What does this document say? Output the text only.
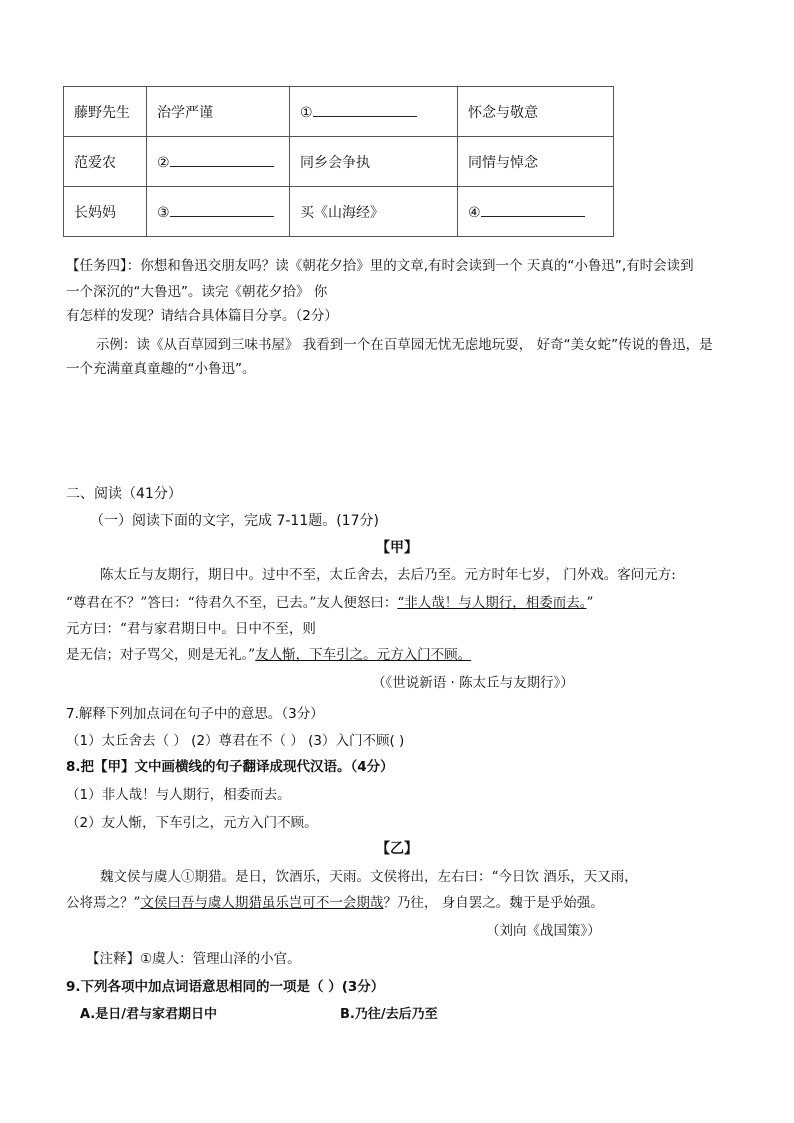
藤野先生	治学严谨	①	怀念与敬意
范爱农	②	同乡会争执	同情与悼念
长妈妈	③	买《山海经》	④
【任务四】：你想和鲁迅交朋友吗？读《朝花夕拾》里的文章,有时会读到一个 天真的“小鲁迅”,有时会读到
一个深沉的“大鲁迅”。读完《朝花夕拾》 你
有怎样的发现？请结合具体篇目分享。（2分）
示例：读《从百草园到三味书屋》 我看到一个在百草园无忧无虑地玩耍， 好奇“美女蛇”传说的鲁迅，是
一个充满童真童趣的“小鲁迅”。
二、阅读（41分）
（一）阅读下面的文字，完成 7-11题。(17分)
【甲】
陈太丘与友期行，期日中。过中不至，太丘舍去，去后乃至。元方时年七岁， 门外戏。客问元方:
“尊君在不？”答曰：“待君久不至，已去。”友人便怒曰：“非人哉！与人期行，相委而去。”
元方曰：“君与家君期日中。日中不至，则
是无信；对子骂父，则是无礼。”友人惭，下车引之。元方入门不顾。
（《世说新语 · 陈太丘与友期行》）
7.解释下列加点词在句子中的意思。（3分）
（1）太丘舍去（ ） (2）尊君在不（ ） (3）入门不顾( )
8.把【甲】文中画横线的句子翻译成现代汉语。（4分）
（1）非人哉！与人期行，相委而去。
（2）友人惭，下车引之，元方入门不顾。
【乙】
魏文侯与虞人①期猎。是日，饮酒乐，天雨。文侯将出，左右曰：“今日饮 酒乐，天又雨，
公将焉之？”文侯曰吾与虞人期猎虽乐岂可不一会期哉？乃往， 身自罢之。魏于是乎始强。
（刘向《战国策》）
【注释】①虞人：管理山泽的小官。
9.下列各项中加点词语意思相同的一项是（ ）(3分）
A.是日/君与家君期日中	B.乃往/去后乃至
